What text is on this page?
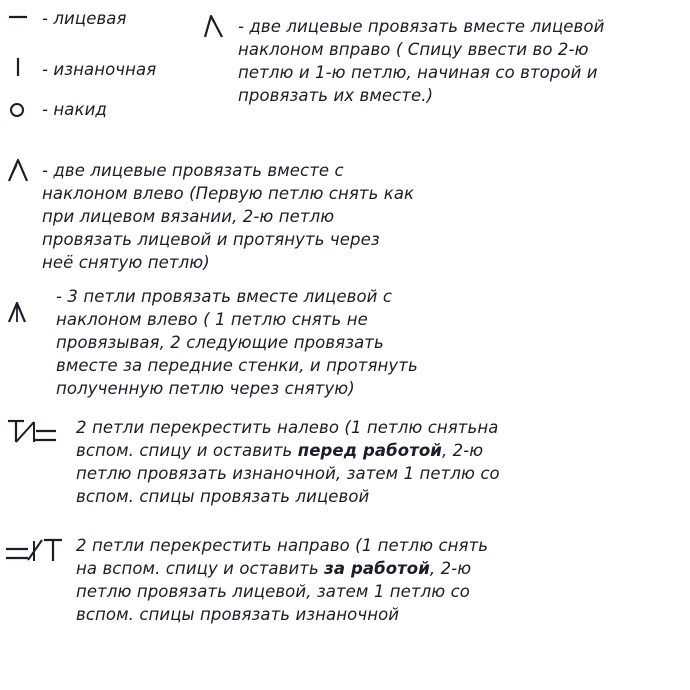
- лицевая
- изнаночная
- накид
- две лицевые провязать вместе лицевой
наклоном вправо ( Спицу ввести во 2-ю
петлю и 1-ю петлю, начиная со второй и
провязать их вместе.)
- две лицевые провязать вместе с
наклоном влево (Первую петлю снять как
при лицевом вязании, 2-ю петлю
провязать лицевой и протянуть через
неё снятую петлю)
- 3 петли провязать вместе лицевой с
наклоном влево ( 1 петлю снять не
провязывая, 2 следующие провязать
вместе за передние стенки, и протянуть
полученную петлю через снятую)
2 петли перекрестить налево (1 петлю снятьна
вспом. спицу и оставить перед работой, 2-ю
петлю провязать изнаночной, затем 1 петлю со
вспом. спицы провязать лицевой
2 петли перекрестить направо (1 петлю снять
на вспом. спицу и оставить за работой, 2-ю
петлю провязать лицевой, затем 1 петлю со
вспом. спицы провязать изнаночной
